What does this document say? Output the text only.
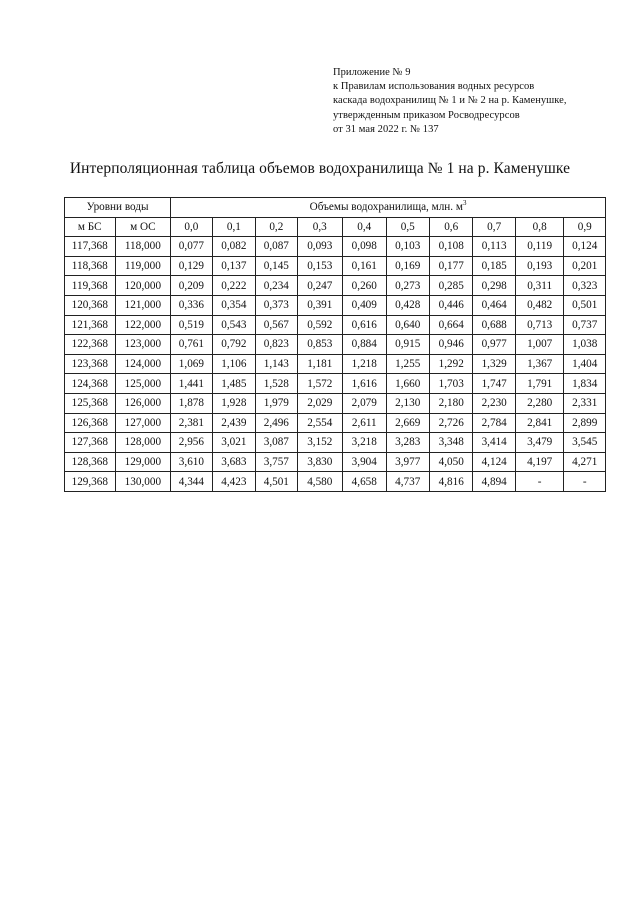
Приложение № 9
к Правилам использования водных ресурсов
каскада водохранилищ № 1 и № 2 на р. Каменушке,
утвержденным приказом Росводресурсов
от 31 мая 2022 г. № 137
Интерполяционная таблица объемов водохранилища № 1 на р. Каменушке
Уровни воды		Объемы водохранилища, млн. $м^3$
м БС	м ОС	0,0	0,1	0,2	0,3	0,4	0,5	0,6	0,7	0,8	0,9
117,368	118,000	0,077	0,082	0,087	0,093	0,098	0,103	0,108	0,113	0,119	0,124
118,368	119,000	0,129	0,137	0,145	0,153	0,161	0,169	0,177	0,185	0,193	0,201
119,368	120,000	0,209	0,222	0,234	0,247	0,260	0,273	0,285	0,298	0,311	0,323
120,368	121,000	0,336	0,354	0,373	0,391	0,409	0,428	0,446	0,464	0,482	0,501
121,368	122,000	0,519	0,543	0,567	0,592	0,616	0,640	0,664	0,688	0,713	0,737
122,368	123,000	0,761	0,792	0,823	0,853	0,884	0,915	0,946	0,977	1,007	1,038
123,368	124,000	1,069	1,106	1,143	1,181	1,218	1,255	1,292	1,329	1,367	1,404
124,368	125,000	1,441	1,485	1,528	1,572	1,616	1,660	1,703	1,747	1,791	1,834
125,368	126,000	1,878	1,928	1,979	2,029	2,079	2,130	2,180	2,230	2,280	2,331
126,368	127,000	2,381	2,439	2,496	2,554	2,611	2,669	2,726	2,784	2,841	2,899
127,368	128,000	2,956	3,021	3,087	3,152	3,218	3,283	3,348	3,414	3,479	3,545
128,368	129,000	3,610	3,683	3,757	3,830	3,904	3,977	4,050	4,124	4,197	4,271
129,368	130,000	4,344	4,423	4,501	4,580	4,658	4,737	4,816	4,894	-	-
